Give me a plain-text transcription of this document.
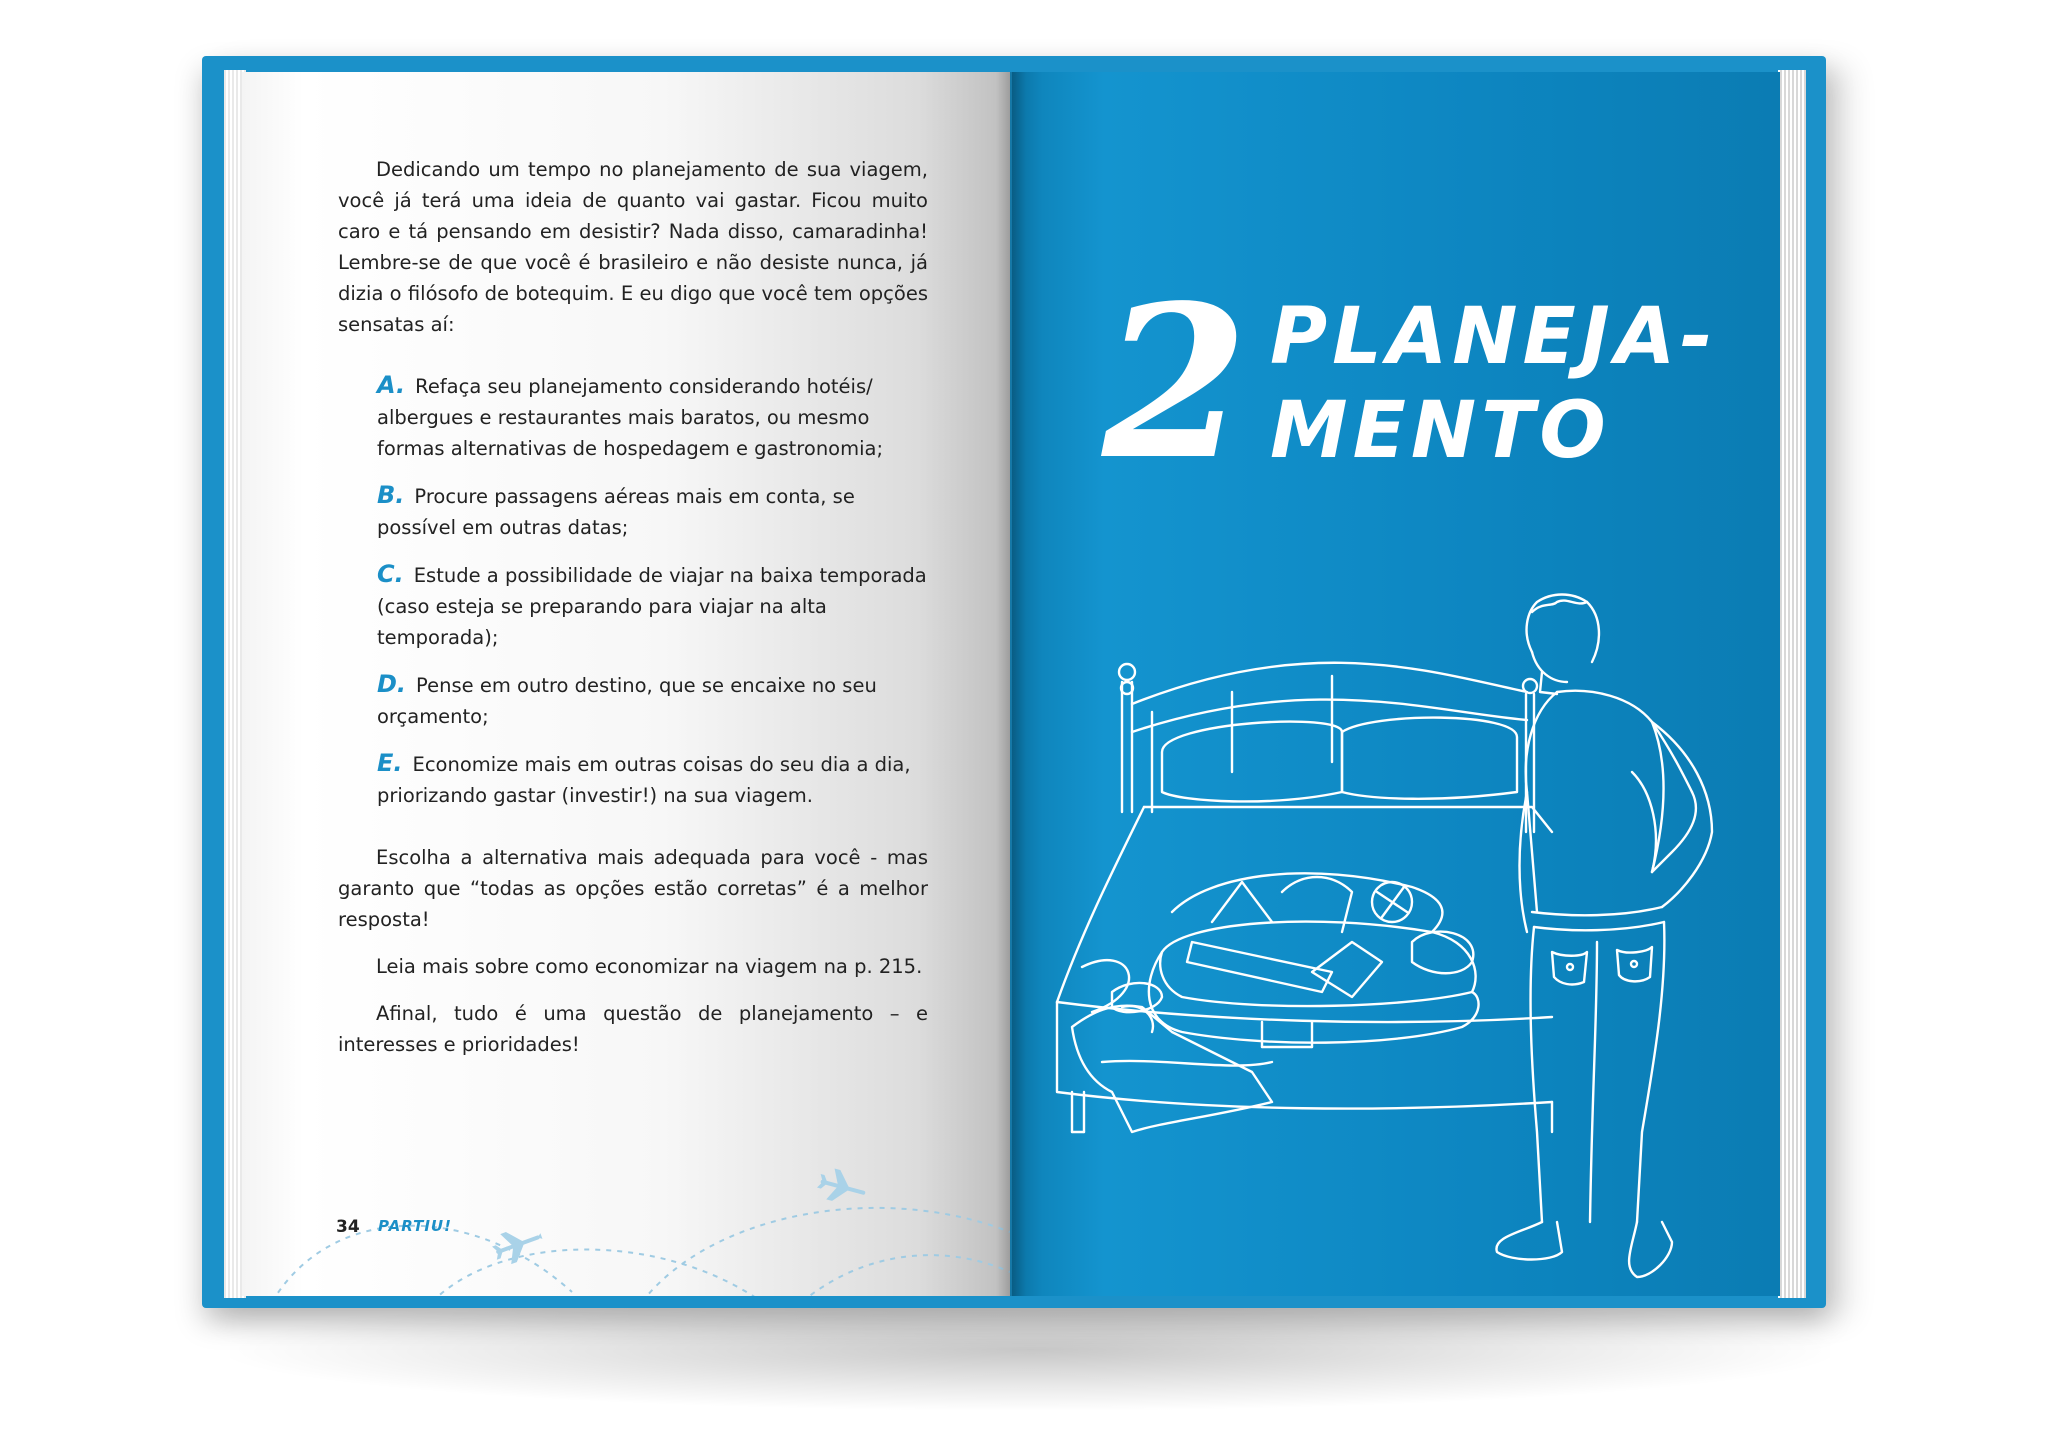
Dedicando um tempo no planejamento de sua viagem, você já terá uma ideia de quanto vai gastar. Ficou muito caro e tá pensando em desistir? Nada disso, camaradinha! Lembre-se de que você é brasileiro e não desiste nunca, já dizia o filósofo de botequim. E eu digo que você tem opções sensatas aí:

A. Refaça seu planejamento considerando hotéis/ albergues e restaurantes mais baratos, ou mesmo formas alternativas de hospedagem e gastronomia;

B. Procure passagens aéreas mais em conta, se possível em outras datas;

C. Estude a possibilidade de viajar na baixa temporada (caso esteja se preparando para viajar na alta temporada);

D. Pense em outro destino, que se encaixe no seu orçamento;

E. Economize mais em outras coisas do seu dia a dia, priorizando gastar (investir!) na sua viagem.

Escolha a alternativa mais adequada para você - mas garanto que “todas as opções estão corretas” é a melhor resposta!

Leia mais sobre como economizar na viagem na p. 215.

Afinal, tudo é uma questão de planejamento – e interesses e prioridades!

34 PARTIU!
2 PLANEJA-
MENTO
